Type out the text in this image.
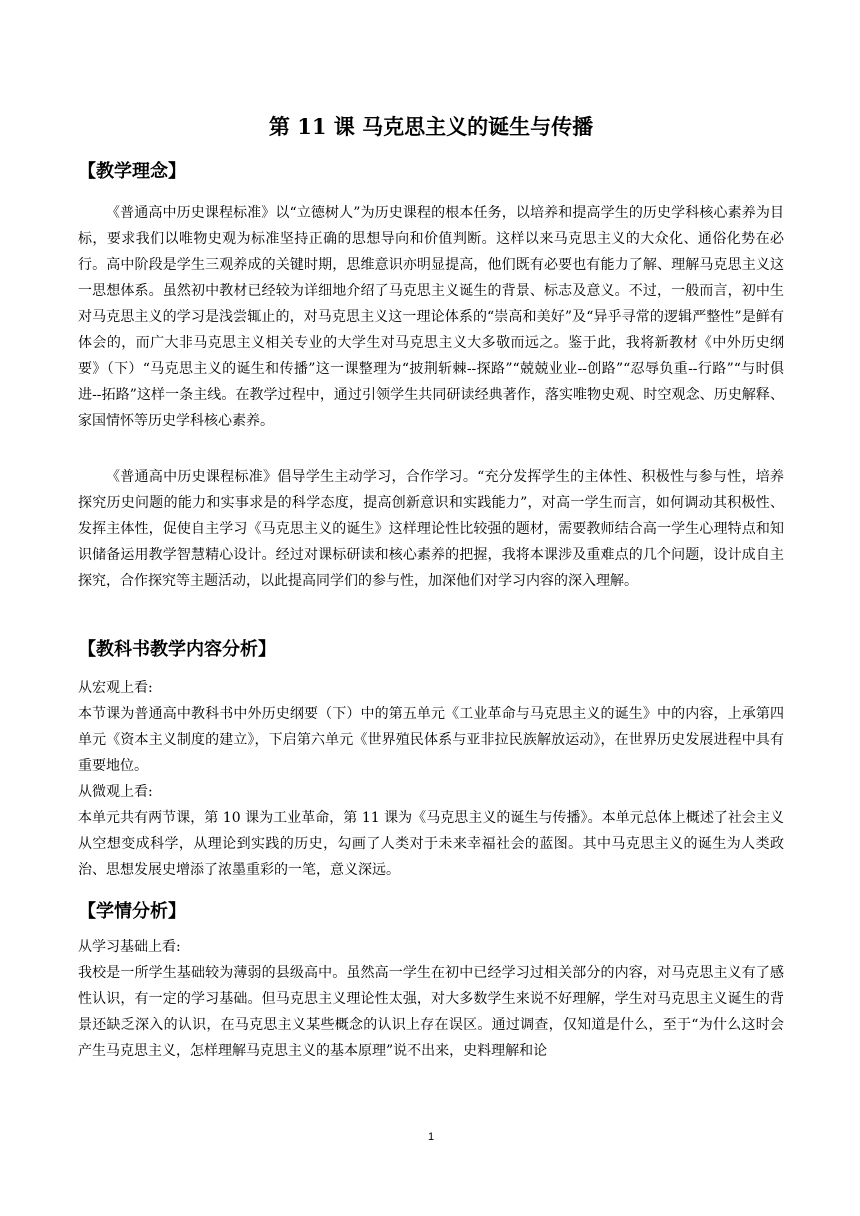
第 11 课 马克思主义的诞生与传播
【教学理念】

《普通高中历史课程标准》以“立德树人”为历史课程的根本任务，以培养和提高学生的历史学科核心素养为目标，要求我们以唯物史观为标准坚持正确的思想导向和价值判断。这样以来马克思主义的大众化、通俗化势在必行。高中阶段是学生三观养成的关键时期，思维意识亦明显提高，他们既有必要也有能力了解、理解马克思主义这一思想体系。虽然初中教材已经较为详细地介绍了马克思主义诞生的背景、标志及意义。不过，一般而言，初中生对马克思主义的学习是浅尝辄止的，对马克思主义这一理论体系的“崇高和美好”及“异乎寻常的逻辑严整性”是鲜有体会的，而广大非马克思主义相关专业的大学生对马克思主义大多敬而远之。鉴于此，我将新教材《中外历史纲要》（下）“马克思主义的诞生和传播”这一课整理为“披荆斩棘--探路”“兢兢业业--创路”“忍辱负重--行路”“与时俱进--拓路”这样一条主线。在教学过程中，通过引领学生共同研读经典著作，落实唯物史观、时空观念、历史解释、家国情怀等历史学科核心素养。

《普通高中历史课程标准》倡导学生主动学习，合作学习。“充分发挥学生的主体性、积极性与参与性，培养探究历史问题的能力和实事求是的科学态度，提高创新意识和实践能力”，对高一学生而言，如何调动其积极性、发挥主体性，促使自主学习《马克思主义的诞生》这样理论性比较强的题材，需要教师结合高一学生心理特点和知识储备运用教学智慧精心设计。经过对课标研读和核心素养的把握，我将本课涉及重难点的几个问题，设计成自主探究，合作探究等主题活动，以此提高同学们的参与性，加深他们对学习内容的深入理解。

【教科书教学内容分析】
从宏观上看:

本节课为普通高中教科书中外历史纲要（下）中的第五单元《工业革命与马克思主义的诞生》中的内容，上承第四单元《资本主义制度的建立》，下启第六单元《世界殖民体系与亚非拉民族解放运动》，在世界历史发展进程中具有重要地位。

从微观上看:

本单元共有两节课，第 10 课为工业革命，第 11 课为《马克思主义的诞生与传播》。本单元总体上概述了社会主义从空想变成科学，从理论到实践的历史，勾画了人类对于未来幸福社会的蓝图。其中马克思主义的诞生为人类政治、思想发展史增添了浓墨重彩的一笔，意义深远。

【学情分析】
从学习基础上看:

我校是一所学生基础较为薄弱的县级高中。虽然高一学生在初中已经学习过相关部分的内容，对马克思主义有了感性认识，有一定的学习基础。但马克思主义理论性太强，对大多数学生来说不好理解，学生对马克思主义诞生的背景还缺乏深入的认识，在马克思主义某些概念的认识上存在误区。通过调查，仅知道是什么，至于“为什么这时会产生马克思主义，怎样理解马克思主义的基本原理”说不出来，史料理解和论

1
